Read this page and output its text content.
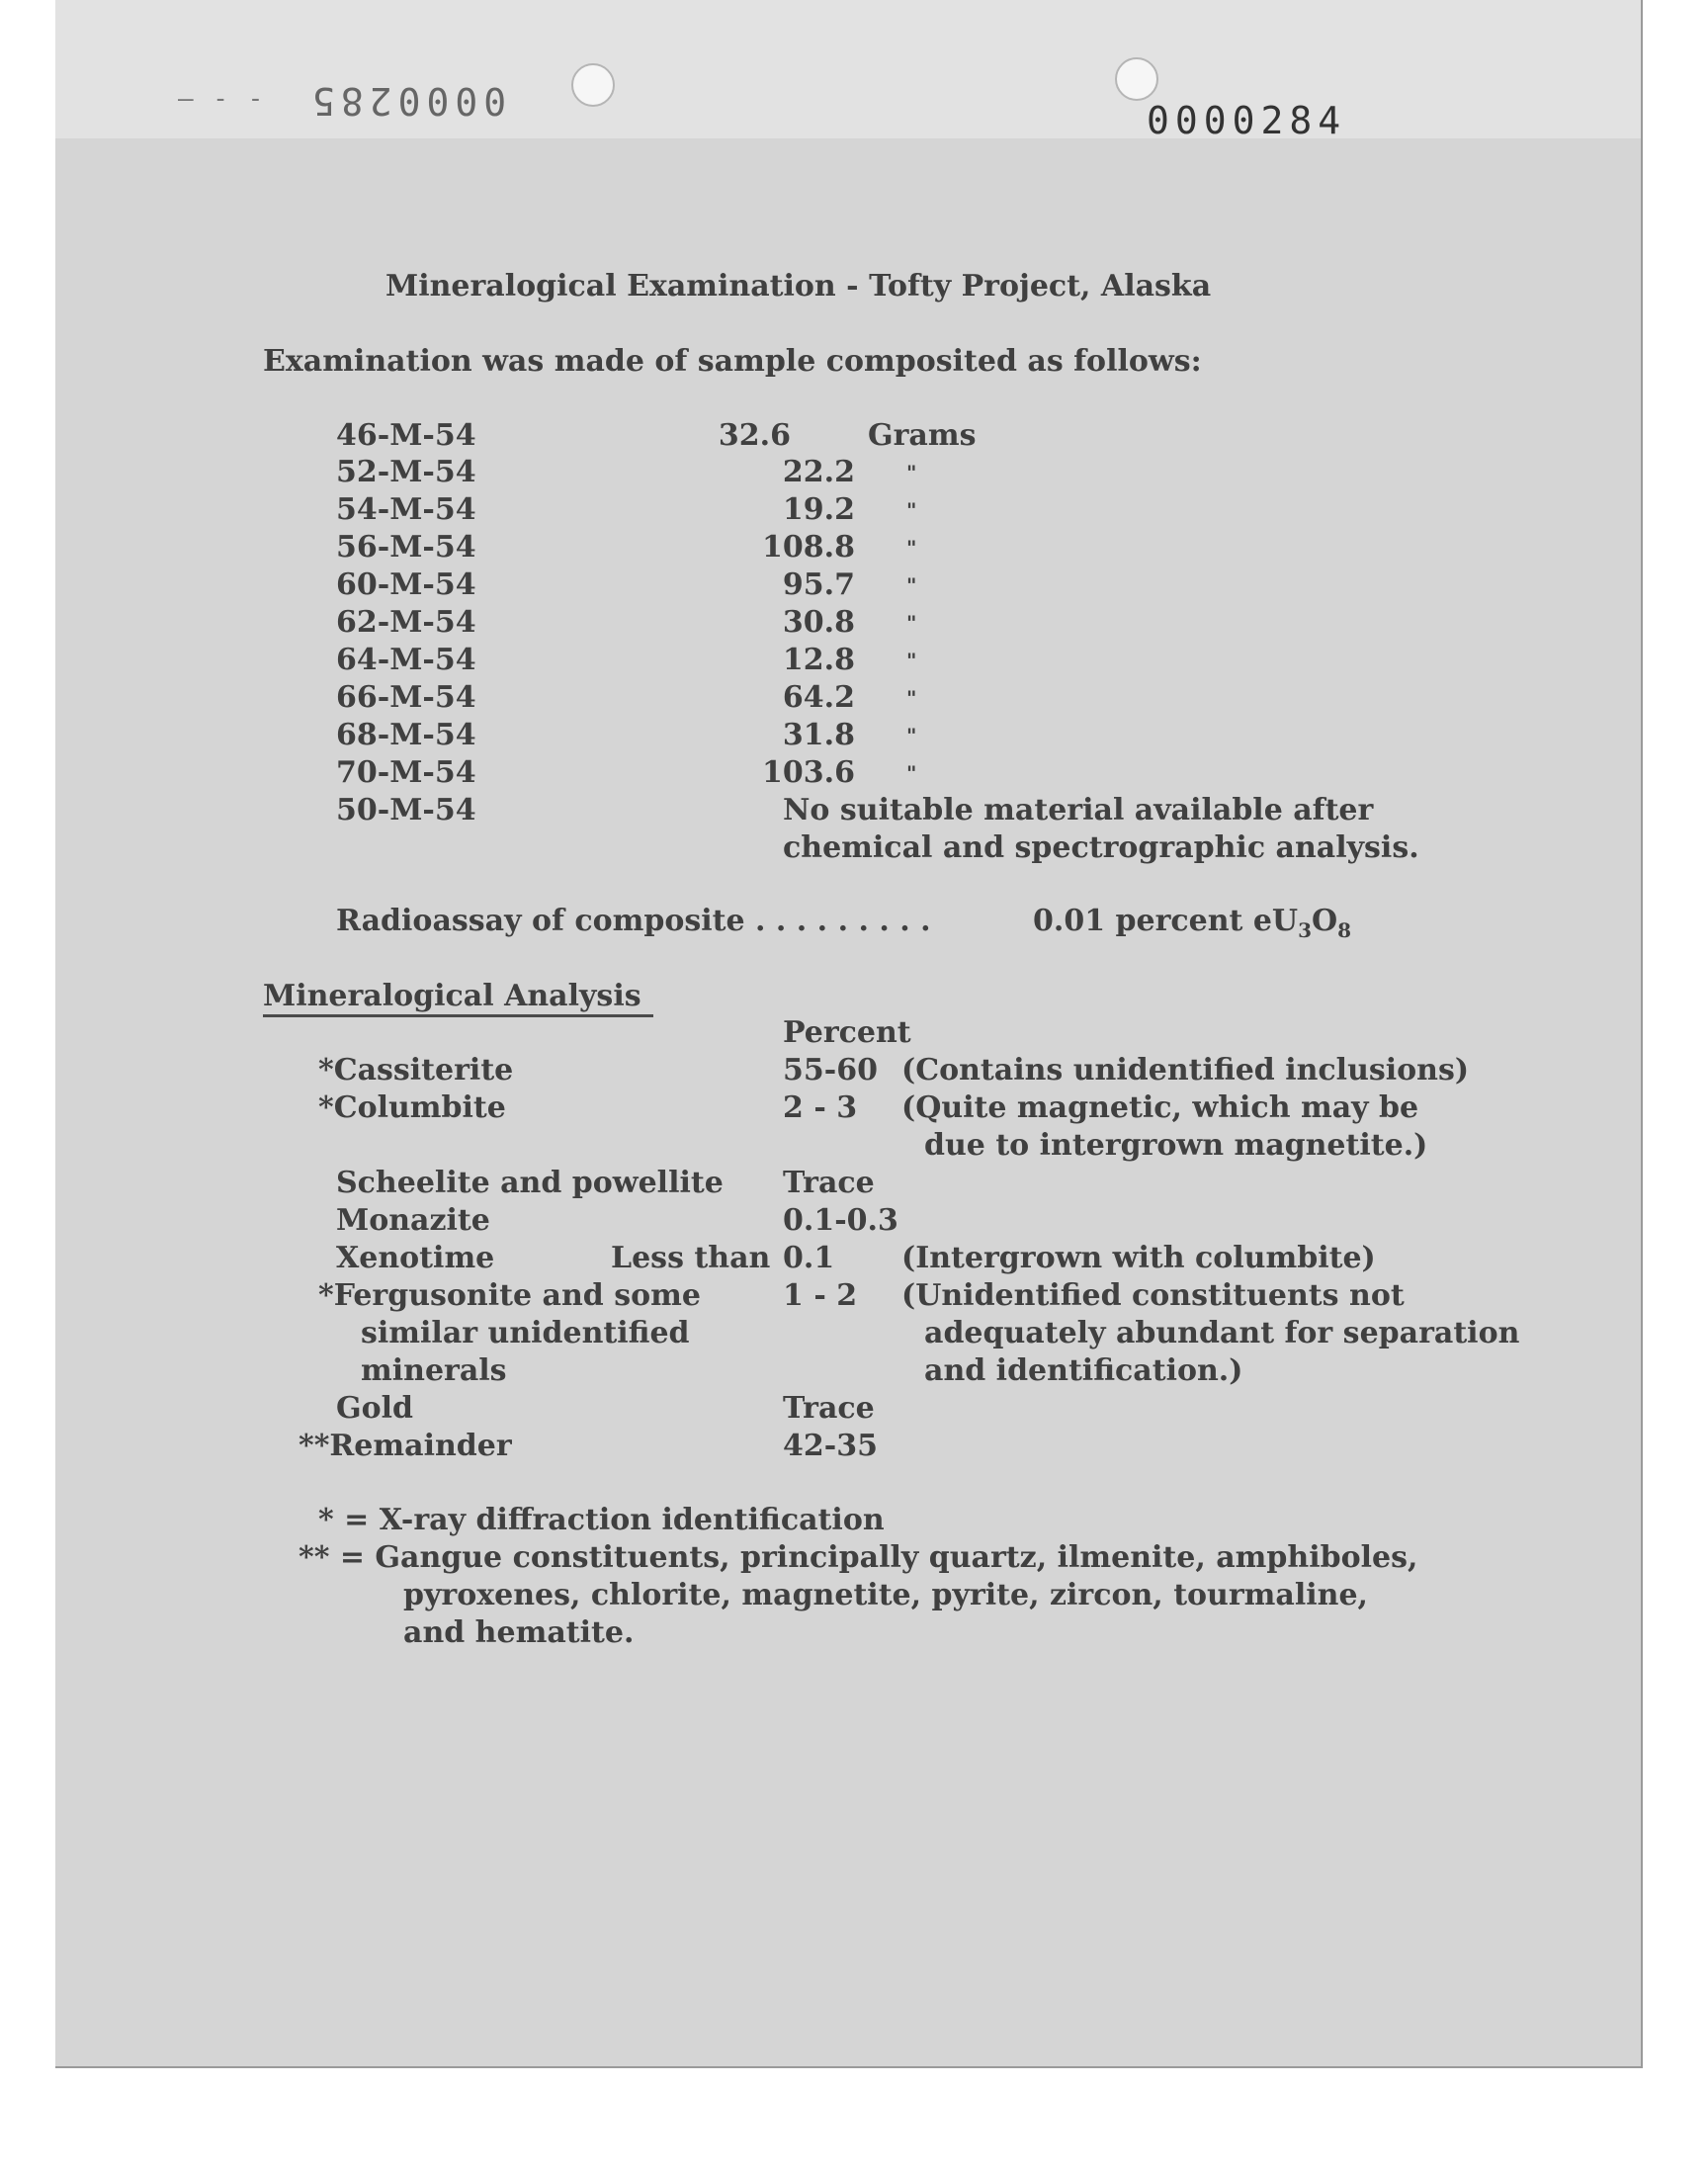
— - - 0000285	0000284
Mineralogical Examination - Tofty Project, Alaska
Examination was made of sample composited as follows:
46-M-54	32.6	Grams
52-M-54	22.2	"
54-M-54	19.2	"
56-M-54	108.8	"
60-M-54	95.7	"
62-M-54	30.8	"
64-M-54	12.8	"
66-M-54	64.2	"
68-M-54	31.8	"
70-M-54	103.6	"
50-M-54	No suitable material available after
chemical and spectrographic analysis.
Radioassay of composite . . . . . . . . .	0.01 percent $eU_3O_8$
Mineralogical Analysis
Percent
*Cassiterite	55-60 (Contains unidentified inclusions)
*Columbite	2 - 3 (Quite magnetic, which may be
due to intergrown magnetite.)
Scheelite and powellite Trace
Monazite	0.1-0.3
Xenotime	Less than 0.1 (Intergrown with columbite)
*Fergusonite and some
similar unidentified
minerals
1 - 2 (Unidentified constituents not
adequately abundant for separation
and identification.)
Gold	Trace
**Remainder	42-35
* = X-ray diffraction identification
** = Gangue constituents, principally quartz, ilmenite, amphiboles,
pyroxenes, chlorite, magnetite, pyrite, zircon, tourmaline,
and hematite.
